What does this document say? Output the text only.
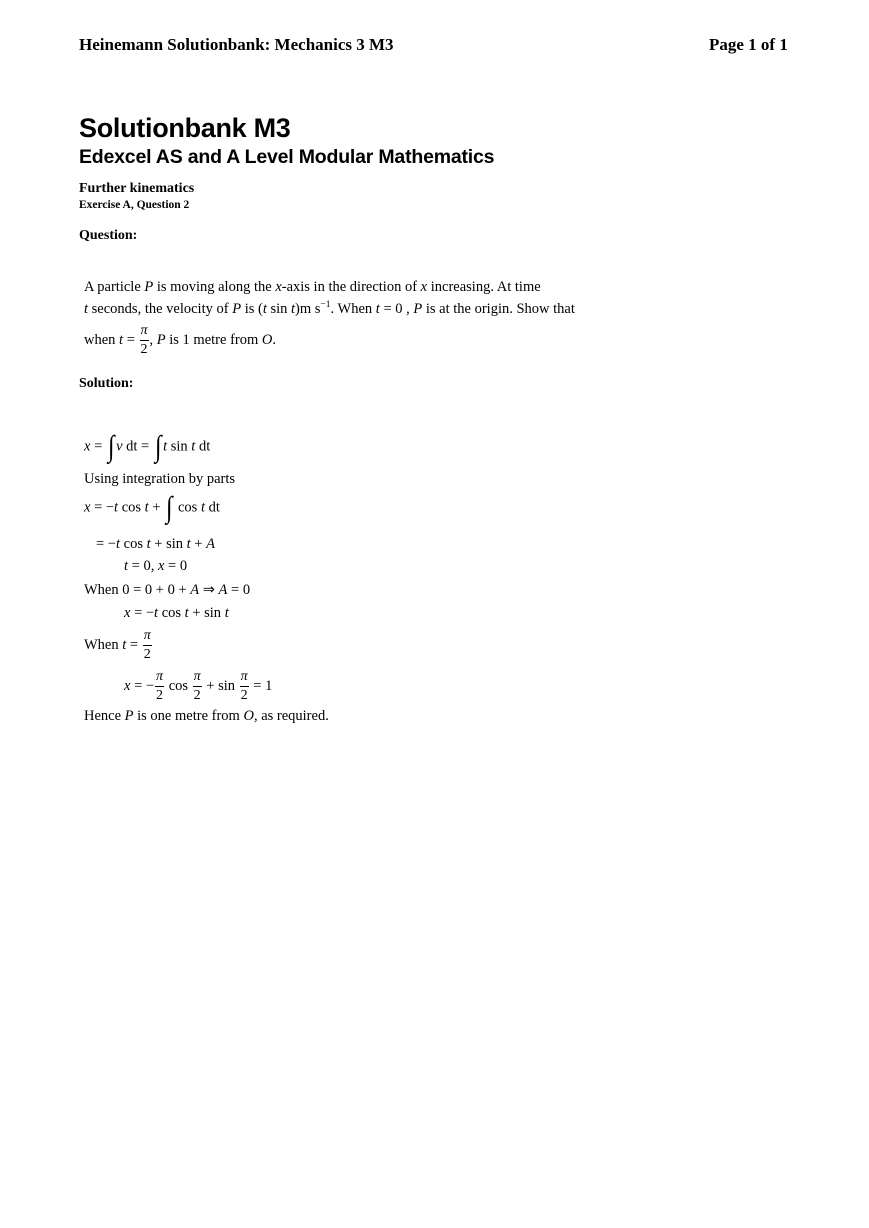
Heinemann Solutionbank: Mechanics 3 M3	Page 1 of 1
Solutionbank M3
Edexcel AS and A Level Modular Mathematics
Further kinematics
Exercise A, Question 2
Question:
A particle P is moving along the x-axis in the direction of x increasing. At time
t seconds, the velocity of P is (t sin t)m $s^{-1}$. When t = 0 , P is at the origin. Show that
when $t = \frac{\pi}{2}$ , P is 1 metre from O.
Solution:
x = ∫ v dt = ∫ t sin t dt
Using integration by parts
x = −t cos t + ∫ cos t dt
= −t cos t + sin t + A
t = 0, x = 0
When 0 = 0 + 0 + A ⇒ A = 0
x = −t cos t + sin t
When $t = \frac{\pi}{2}$
x = − $\frac{\pi}{2}$ $\cos \frac{\pi}{2} + \sin \frac{\pi}{2} = 1$
Hence P is one metre from O, as required.
